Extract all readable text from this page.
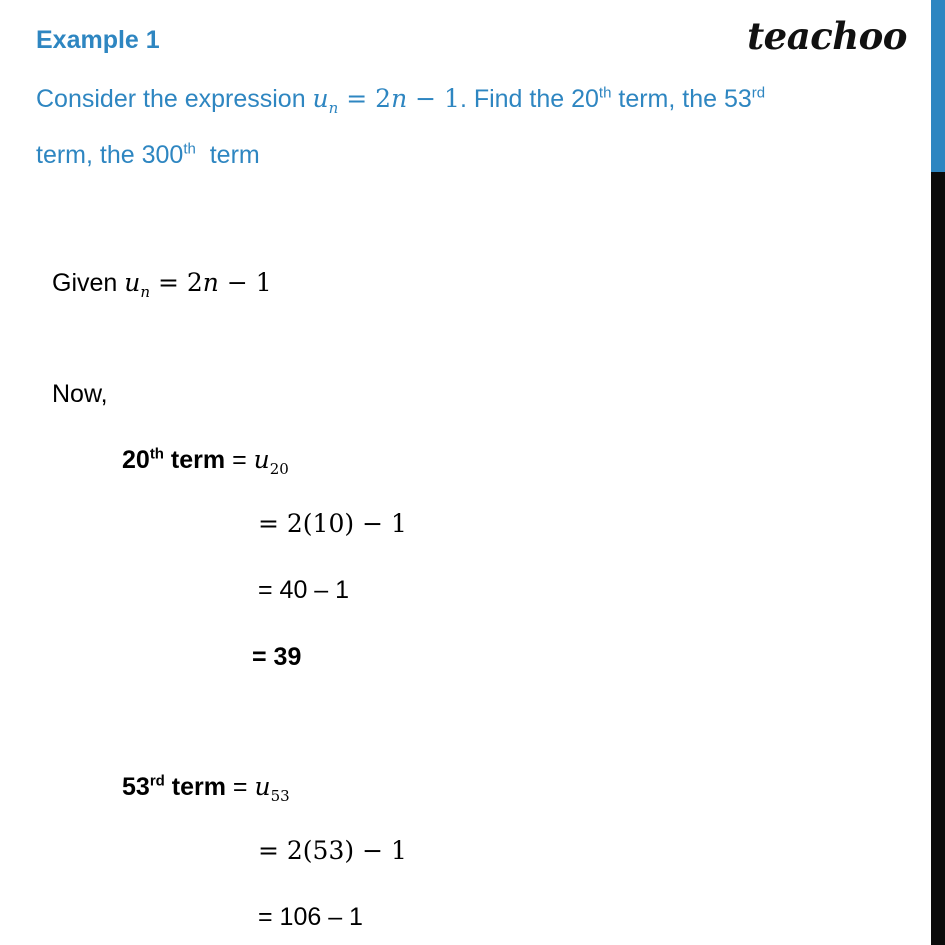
Example 1	teachoo
Consider the expression $u_n = 2n - 1$. Find the 20th term, the 53rd
term, the 300th  term
Given $u_n = 2n - 1$
Now,
20th term = $u_{20}$
= 2(10) − 1
= 40 – 1
= 39
53rd term = $u_{53}$
= 2(53) − 1
= 106 – 1
